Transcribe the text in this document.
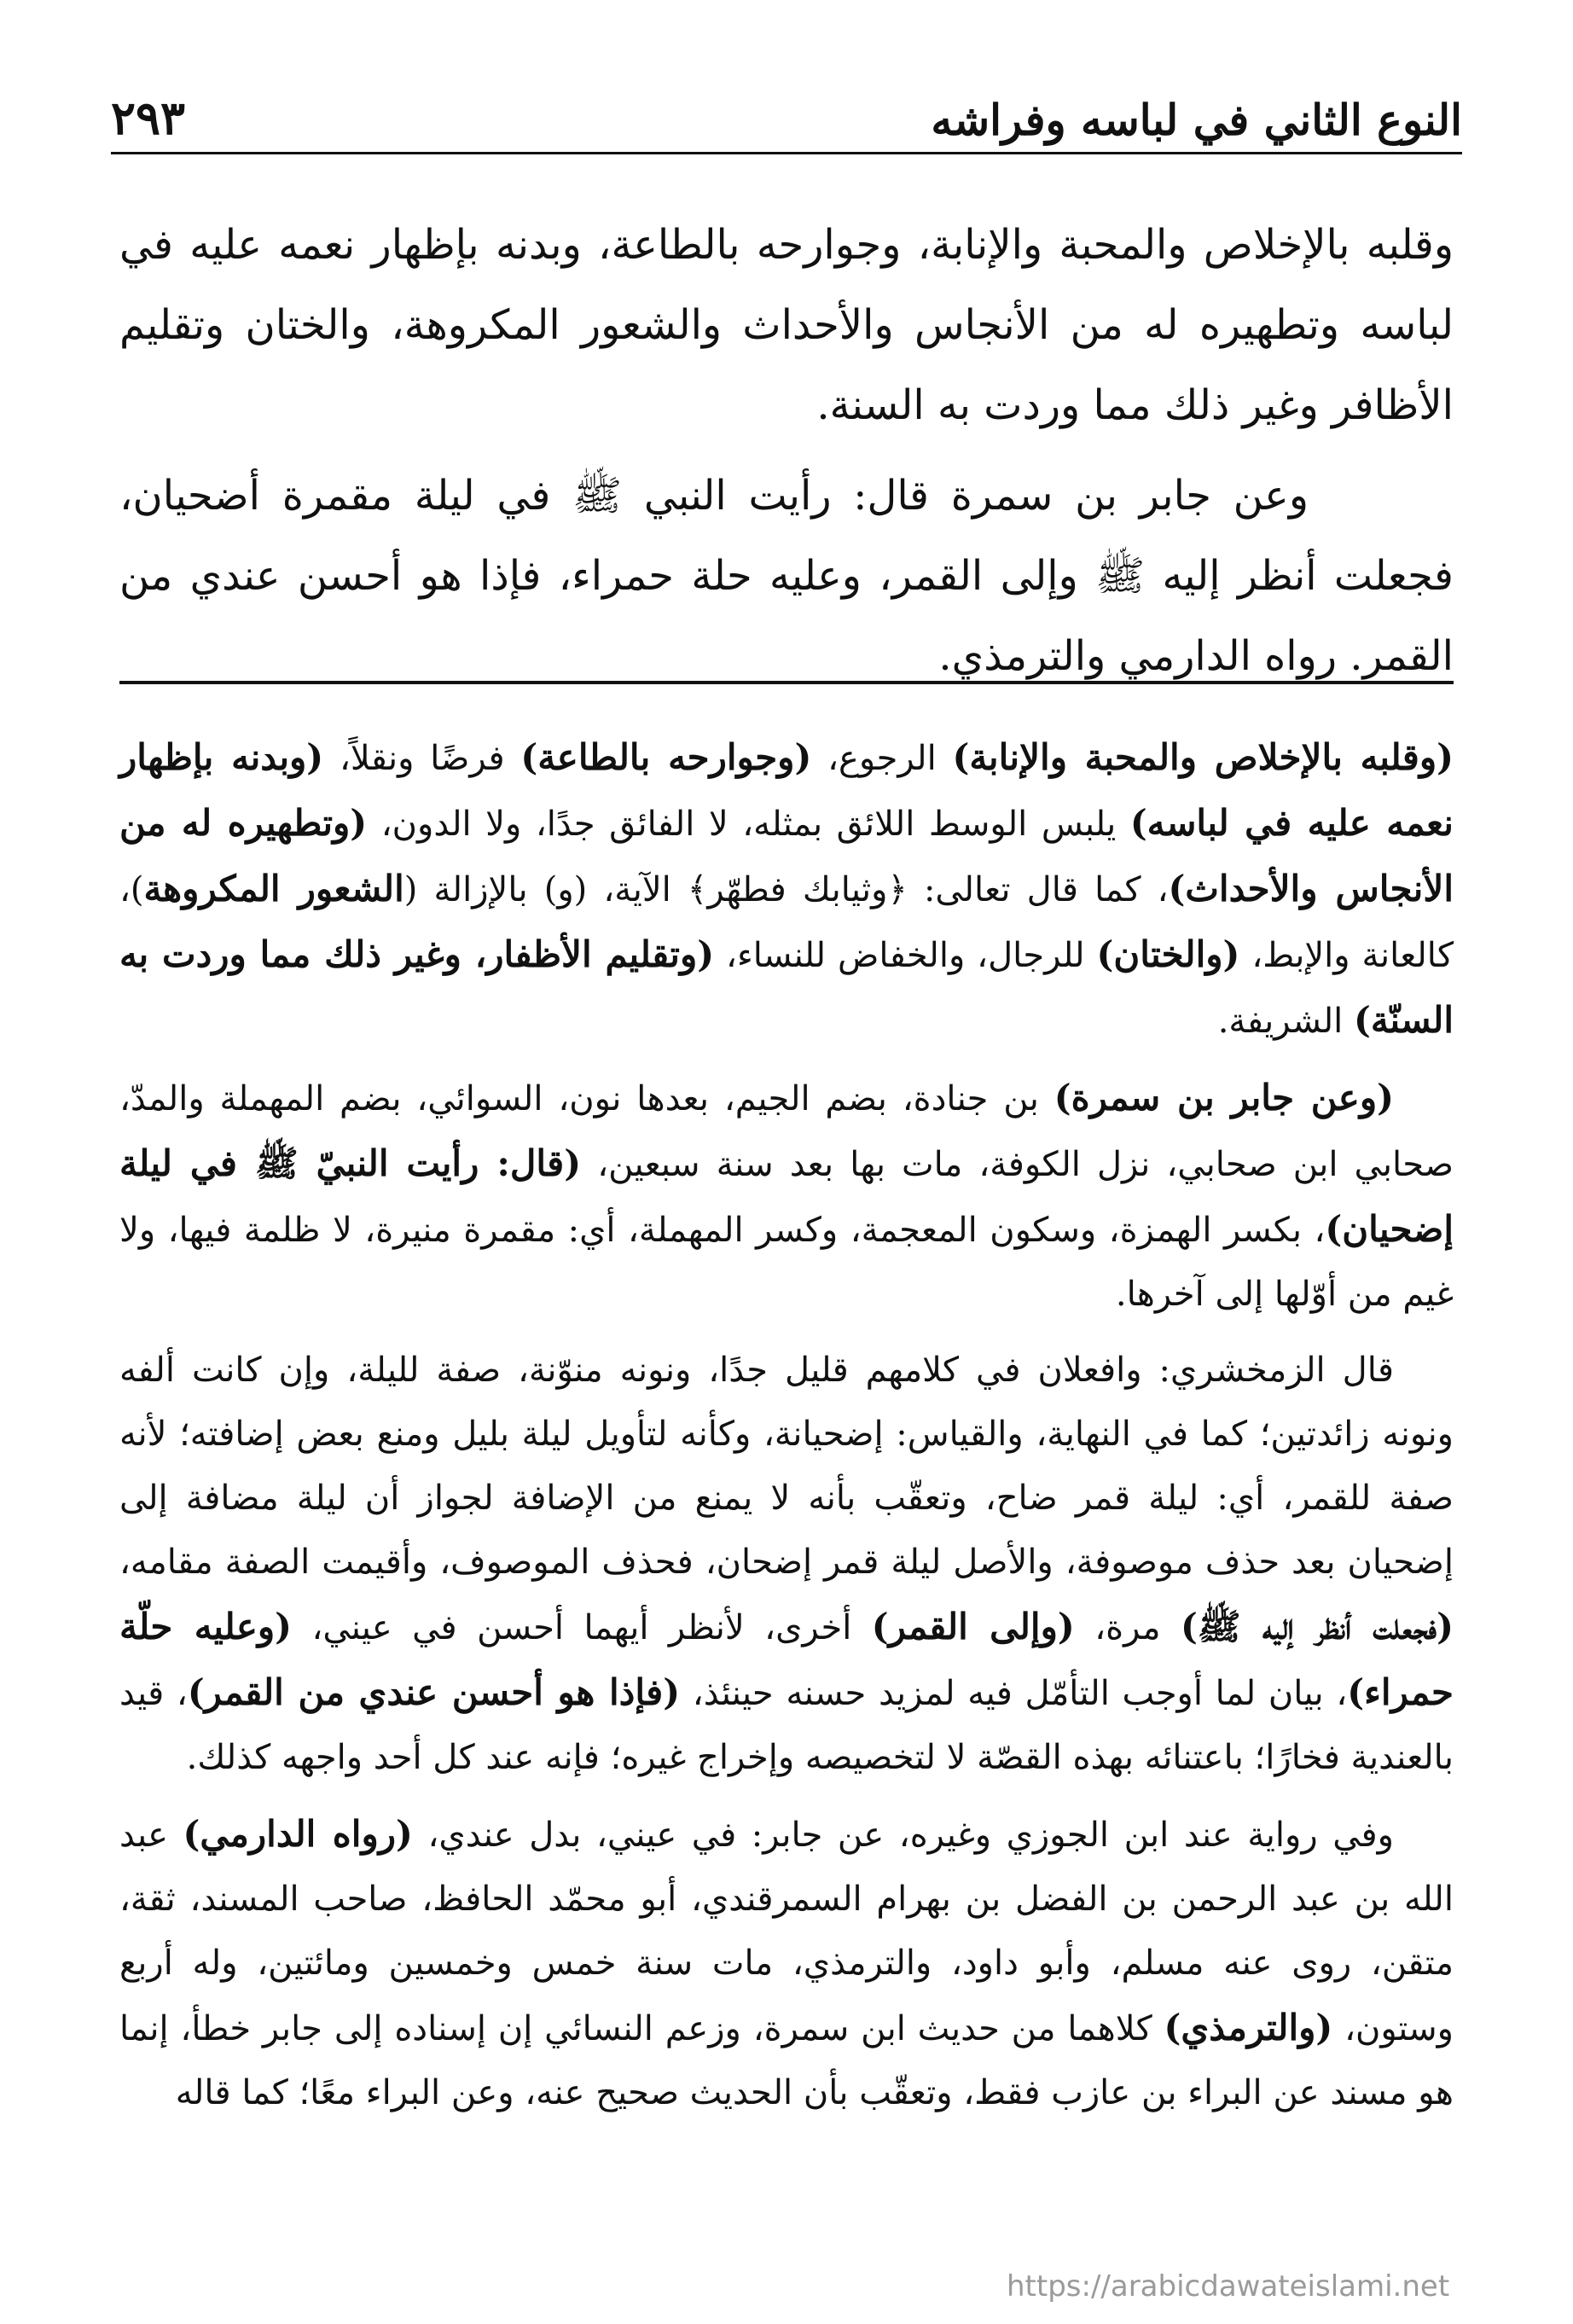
النوع الثاني في لباسه وفراشه
٢٩٣

وقلبه بالإخلاص والمحبة والإنابة، وجوارحه بالطاعة، وبدنه بإظهار نعمه عليه في لباسه وتطهيره له من الأنجاس والأحداث والشعور المكروهة، والختان وتقليم الأظافر وغير ذلك مما وردت به السنة.

وعن جابر بن سمرة قال: رأيت النبي ﷺ في ليلة مقمرة أضحيان، فجعلت أنظر إليه ﷺ وإلى القمر، وعليه حلة حمراء، فإذا هو أحسن عندي من القمر. رواه الدارمي والترمذي.

(وقلبه بالإخلاص والمحبة والإنابة) الرجوع، (وجوارحه بالطاعة) فرضًا ونقلاً، (وبدنه بإظهار نعمه عليه في لباسه) يلبس الوسط اللائق بمثله، لا الفائق جدًا، ولا الدون، (وتطهيره له من الأنجاس والأحداث)، كما قال تعالى: ﴿وثيابك فطهّر﴾ الآية، (و) بالإزالة (الشعور المكروهة)، كالعانة والإبط، (والختان) للرجال، والخفاض للنساء، (وتقليم الأظفار، وغير ذلك مما وردت به السنّة) الشريفة.

(وعن جابر بن سمرة) بن جنادة، بضم الجيم، بعدها نون، السوائي، بضم المهملة والمدّ، صحابي ابن صحابي، نزل الكوفة، مات بها بعد سنة سبعين، (قال: رأيت النبيّ ﷺ في ليلة إضحيان)، بكسر الهمزة، وسكون المعجمة، وكسر المهملة، أي: مقمرة منيرة، لا ظلمة فيها، ولا غيم من أوّلها إلى آخرها.

قال الزمخشري: وافعلان في كلامهم قليل جدًا، ونونه منوّنة، صفة لليلة، وإن كانت ألفه ونونه زائدتين؛ كما في النهاية، والقياس: إضحيانة، وكأنه لتأويل ليلة بليل ومنع بعض إضافته؛ لأنه صفة للقمر، أي: ليلة قمر ضاح، وتعقّب بأنه لا يمنع من الإضافة لجواز أن ليلة مضافة إلى إضحيان بعد حذف موصوفة، والأصل ليلة قمر إضحان، فحذف الموصوف، وأقيمت الصفة مقامه، (فجعلت أنظر إليه ﷺ) مرة، (وإلى القمر) أخرى، لأنظر أيهما أحسن في عيني، (وعليه حلّة حمراء)، بيان لما أوجب التأمّل فيه لمزيد حسنه حينئذ، (فإذا هو أحسن عندي من القمر)، قيد بالعندية فخارًا؛ باعتنائه بهذه القصّة لا لتخصيصه وإخراج غيره؛ فإنه عند كل أحد واجهه كذلك.

وفي رواية عند ابن الجوزي وغيره، عن جابر: في عيني، بدل عندي، (رواه الدارمي) عبد الله بن عبد الرحمن بن الفضل بن بهرام السمرقندي، أبو محمّد الحافظ، صاحب المسند، ثقة، متقن، روى عنه مسلم، وأبو داود، والترمذي، مات سنة خمس وخمسين ومائتين، وله أربع وستون، (والترمذي) كلاهما من حديث ابن سمرة، وزعم النسائي إن إسناده إلى جابر خطأ، إنما هو مسند عن البراء بن عازب فقط، وتعقّب بأن الحديث صحيح عنه، وعن البراء معًا؛ كما قاله

https://arabicdawateislami.net
